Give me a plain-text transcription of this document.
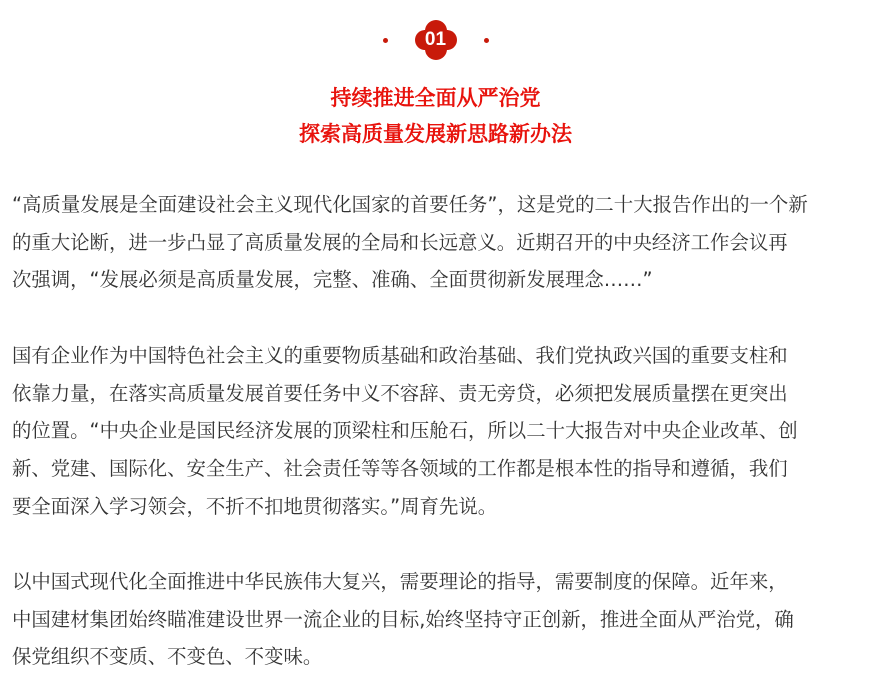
01
持续推进全面从严治党
探索高质量发展新思路新办法
“高质量发展是全面建设社会主义现代化国家的首要任务”，这是党的二十大报告作出的一个新
的重大论断，进一步凸显了高质量发展的全局和长远意义。近期召开的中央经济工作会议再
次强调，“发展必须是高质量发展，完整、准确、全面贯彻新发展理念……”
国有企业作为中国特色社会主义的重要物质基础和政治基础、我们党执政兴国的重要支柱和
依靠力量，在落实高质量发展首要任务中义不容辞、责无旁贷，必须把发展质量摆在更突出
的位置。“中央企业是国民经济发展的顶梁柱和压舱石，所以二十大报告对中央企业改革、创
新、党建、国际化、安全生产、社会责任等等各领域的工作都是根本性的指导和遵循，我们
要全面深入学习领会，不折不扣地贯彻落实。”周育先说。
以中国式现代化全面推进中华民族伟大复兴，需要理论的指导，需要制度的保障。近年来，
中国建材集团始终瞄准建设世界一流企业的目标,始终坚持守正创新，推进全面从严治党，确
保党组织不变质、不变色、不变味。
